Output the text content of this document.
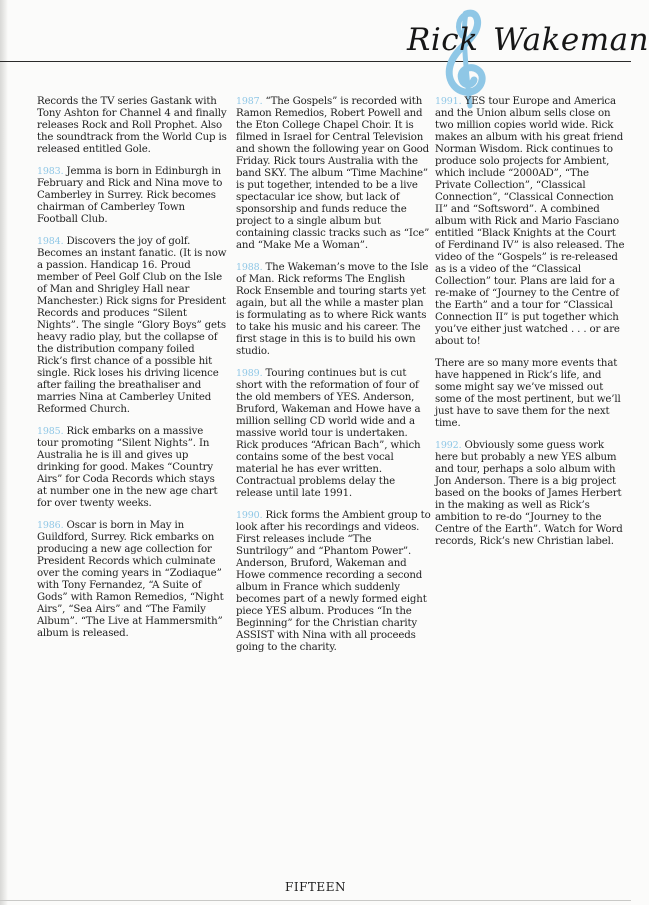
Rick Wakeman

Records the TV series Gastank with Tony Ashton for Channel 4 and finally releases Rock and Roll Prophet. Also the soundtrack from the World Cup is released entitled Gole.

1983. Jemma is born in Edinburgh in February and Rick and Nina move to Camberley in Surrey. Rick becomes chairman of Camberley Town Football Club.

1984. Discovers the joy of golf. Becomes an instant fanatic. (It is now a passion. Handicap 16. Proud member of Peel Golf Club on the Isle of Man and Shrigley Hall near Manchester.) Rick signs for President Records and produces “Silent Nights”. The single “Glory Boys” gets heavy radio play, but the collapse of the distribution company foiled Rick’s first chance of a possible hit single. Rick loses his driving licence after failing the breathaliser and marries Nina at Camberley United Reformed Church.

1985. Rick embarks on a massive tour promoting “Silent Nights”. In Australia he is ill and gives up drinking for good. Makes “Country Airs” for Coda Records which stays at number one in the new age chart for over twenty weeks.

1986. Oscar is born in May in Guildford, Surrey. Rick embarks on producing a new age collection for President Records which culminate over the coming years in “Zodiaque” with Tony Fernandez, “A Suite of Gods” with Ramon Remedios, “Night Airs”, “Sea Airs” and “The Family Album”. “The Live at Hammersmith” album is released.

1987. “The Gospels” is recorded with Ramon Remedios, Robert Powell and the Eton College Chapel Choir. It is filmed in Israel for Central Television and shown the following year on Good Friday. Rick tours Australia with the band SKY. The album “Time Machine” is put together, intended to be a live spectacular ice show, but lack of sponsorship and funds reduce the project to a single album but containing classic tracks such as “Ice” and “Make Me a Woman”.

1988. The Wakeman’s move to the Isle of Man. Rick reforms The English Rock Ensemble and touring starts yet again, but all the while a master plan is formulating as to where Rick wants to take his music and his career. The first stage in this is to build his own studio.

1989. Touring continues but is cut short with the reformation of four of the old members of YES. Anderson, Bruford, Wakeman and Howe have a million selling CD world wide and a massive world tour is undertaken. Rick produces “African Bach”, which contains some of the best vocal material he has ever written. Contractual problems delay the release until late 1991.

1990. Rick forms the Ambient group to look after his recordings and videos. First releases include “The Suntrilogy” and “Phantom Power”. Anderson, Bruford, Wakeman and Howe commence recording a second album in France which suddenly becomes part of a newly formed eight piece YES album. Produces “In the Beginning” for the Christian charity ASSIST with Nina with all proceeds going to the charity.

1991. YES tour Europe and America and the Union album sells close on two million copies world wide. Rick makes an album with his great friend Norman Wisdom. Rick continues to produce solo projects for Ambient, which include “2000AD”, “The Private Collection”, “Classical Connection”, “Classical Connection II” and “Softsword”. A combined album with Rick and Mario Fasciano entitled “Black Knights at the Court of Ferdinand IV” is also released. The video of the “Gospels” is re-released as is a video of the “Classical Collection” tour. Plans are laid for a re-make of “Journey to the Centre of the Earth” and a tour for “Classical Connection II” is put together which you’ve either just watched . . . or are about to!

There are so many more events that have happened in Rick’s life, and some might say we’ve missed out some of the most pertinent, but we’ll just have to save them for the next time.

1992. Obviously some guess work here but probably a new YES album and tour, perhaps a solo album with Jon Anderson. There is a big project based on the books of James Herbert in the making as well as Rick’s ambition to re-do “Journey to the Centre of the Earth”. Watch for Word records, Rick’s new Christian label.

FIFTEEN
